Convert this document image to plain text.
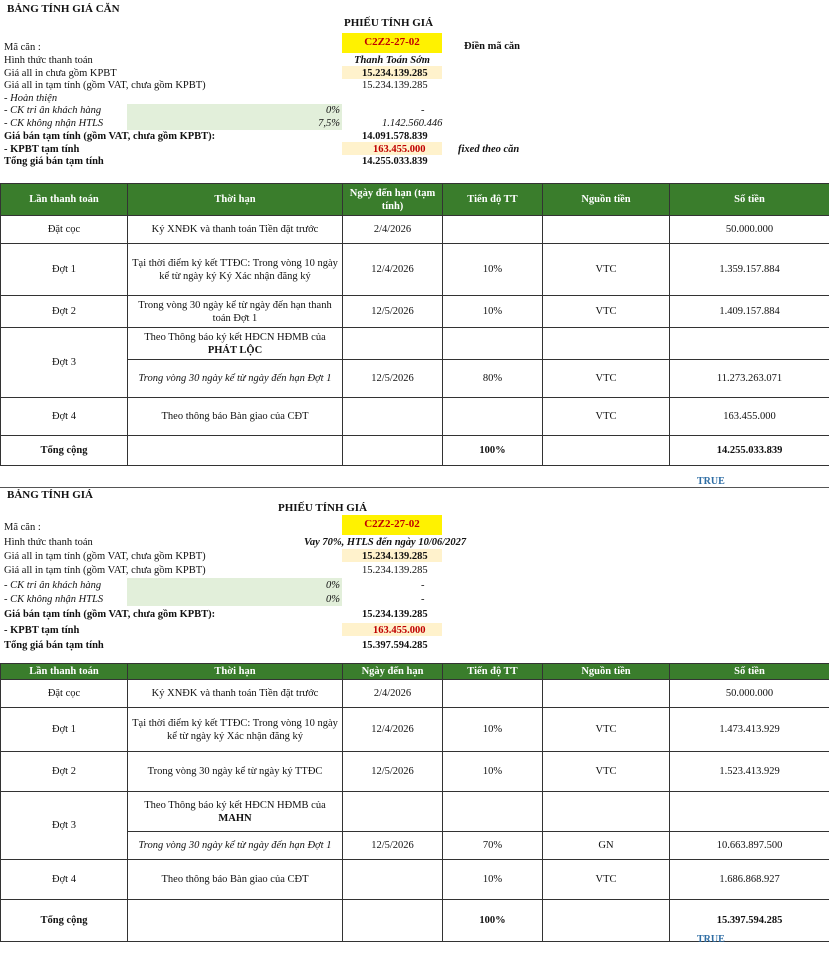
BẢNG TÍNH GIÁ CĂN
PHIẾU TÍNH GIÁ
Mã căn :	C2Z2-27-02	Điền mã căn
Hình thức thanh toán	Thanh Toán Sớm
Giá all in chưa gồm KPBT	15.234.139.285
Giá all in tạm tính (gồm VAT, chưa gồm KPBT)	15.234.139.285
- Hoàn thiện
- CK tri ân khách hàng	0%	-
- CK không nhận HTLS	7,5%	1.142.560.446
Giá bán tạm tính (gồm VAT, chưa gồm KPBT):	14.091.578.839
- KPBT tạm tính	163.455.000	fixed theo căn
Tổng giá bán tạm tính	14.255.033.839
Lần thanh toán	Thời hạn	Ngày đến hạn (tạm tính)	Tiến độ TT	Nguồn tiền	Số tiền
Đặt cọc	Ký XNĐK và thanh toán Tiền đặt trước	2/4/2026			50.000.000
Đợt 1	Tại thời điểm ký kết TTĐC: Trong vòng 10 ngày kể từ ngày ký Ký Xác nhận đăng ký	12/4/2026	10%	VTC	1.359.157.884
Đợt 2	Trong vòng 30 ngày kể từ ngày đến hạn thanh toán Đợt 1	12/5/2026	10%	VTC	1.409.157.884
Đợt 3	Theo Thông báo ký kết HĐCN HĐMB của
PHÁT LỘC				
	Trong vòng 30 ngày kể từ ngày đến hạn Đợt 1	12/5/2026	80%	VTC	11.273.263.071
Đợt 4	Theo thông báo Bàn giao của CĐT			VTC	163.455.000
Tổng cộng			100%		14.255.033.839
TRUE
BẢNG TÍNH GIÁ
PHIẾU TÍNH GIÁ
Mã căn :	C2Z2-27-02
Hình thức thanh toán	Vay 70%, HTLS đến ngày 10/06/2027
Giá all in tạm tính (gồm VAT, chưa gồm KPBT)	15.234.139.285
Giá all in tạm tính (gồm VAT, chưa gồm KPBT)	15.234.139.285
- CK tri ân khách hàng	0%	-
- CK không nhận HTLS	0%	-
Giá bán tạm tính (gồm VAT, chưa gồm KPBT):	15.234.139.285
- KPBT tạm tính	163.455.000
Tổng giá bán tạm tính	15.397.594.285
Lần thanh toán	Thời hạn	Ngày đến hạn	Tiến độ TT	Nguồn tiền	Số tiền
Đặt cọc	Ký XNĐK và thanh toán Tiền đặt trước	2/4/2026			50.000.000
Đợt 1	Tại thời điểm ký kết TTĐC: Trong vòng 10 ngày kể từ ngày ký Xác nhận đăng ký	12/4/2026	10%	VTC	1.473.413.929
Đợt 2	Trong vòng 30 ngày kể từ ngày ký TTĐC	12/5/2026	10%	VTC	1.523.413.929
Đợt 3	Theo Thông báo ký kết HĐCN HĐMB của
MAHN				
	Trong vòng 30 ngày kể từ ngày đến hạn Đợt 1	12/5/2026	70%	GN	10.663.897.500
Đợt 4	Theo thông báo Bàn giao của CĐT		10%	VTC	1.686.868.927
Tổng cộng			100%		15.397.594.285
TRUE
